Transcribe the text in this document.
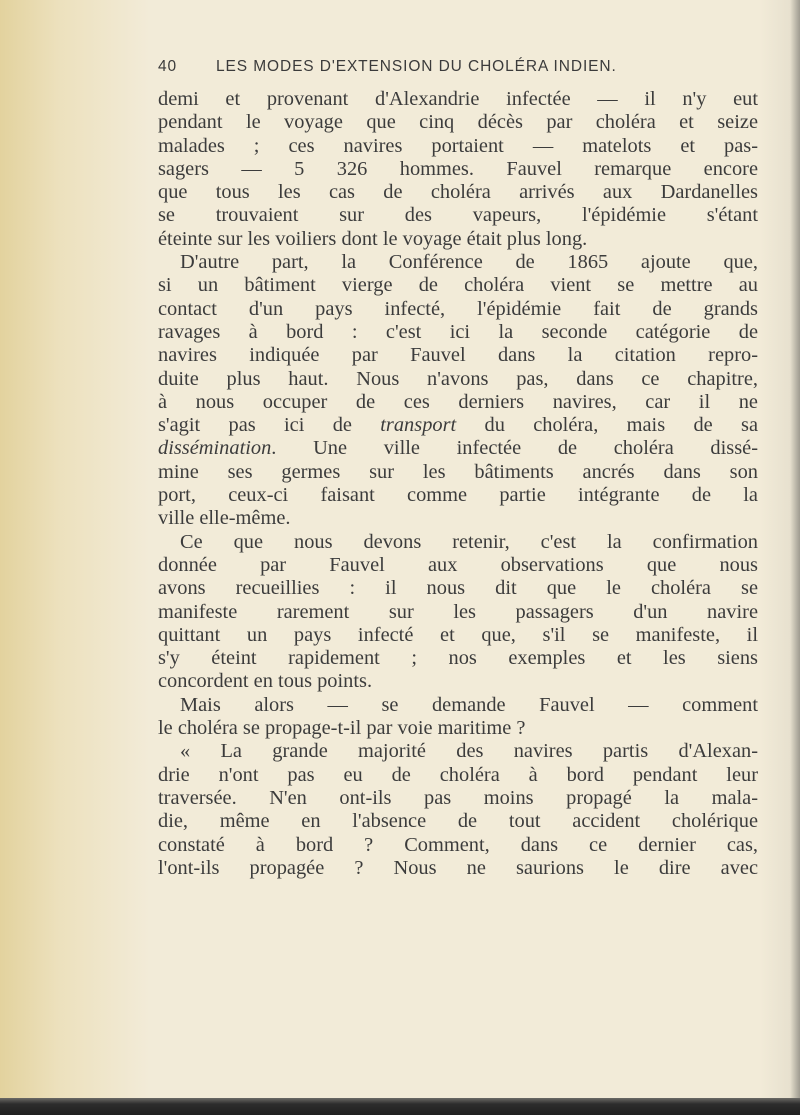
40	LES MODES D'EXTENSION DU CHOLÉRA INDIEN.
demi et provenant d'Alexandrie infectée — il n'y eut
pendant le voyage que cinq décès par choléra et seize
malades ; ces navires portaient — matelots et pas-
sagers — 5 326 hommes. Fauvel remarque encore
que tous les cas de choléra arrivés aux Dardanelles
se trouvaient sur des vapeurs, l'épidémie s'étant
éteinte sur les voiliers dont le voyage était plus long.
D'autre part, la Conférence de 1865 ajoute que,
si un bâtiment vierge de choléra vient se mettre au
contact d'un pays infecté, l'épidémie fait de grands
ravages à bord : c'est ici la seconde catégorie de
navires indiquée par Fauvel dans la citation repro-
duite plus haut. Nous n'avons pas, dans ce chapitre,
à nous occuper de ces derniers navires, car il ne
s'agit pas ici de transport du choléra, mais de sa
dissémination. Une ville infectée de choléra dissé-
mine ses germes sur les bâtiments ancrés dans son
port, ceux-ci faisant comme partie intégrante de la
ville elle-même.
Ce que nous devons retenir, c'est la confirmation
donnée par Fauvel aux observations que nous
avons recueillies : il nous dit que le choléra se
manifeste rarement sur les passagers d'un navire
quittant un pays infecté et que, s'il se manifeste, il
s'y éteint rapidement ; nos exemples et les siens
concordent en tous points.
Mais alors — se demande Fauvel — comment
le choléra se propage-t-il par voie maritime ?
« La grande majorité des navires partis d'Alexan-
drie n'ont pas eu de choléra à bord pendant leur
traversée. N'en ont-ils pas moins propagé la mala-
die, même en l'absence de tout accident cholérique
constaté à bord ? Comment, dans ce dernier cas,
l'ont-ils propagée ? Nous ne saurions le dire avec
